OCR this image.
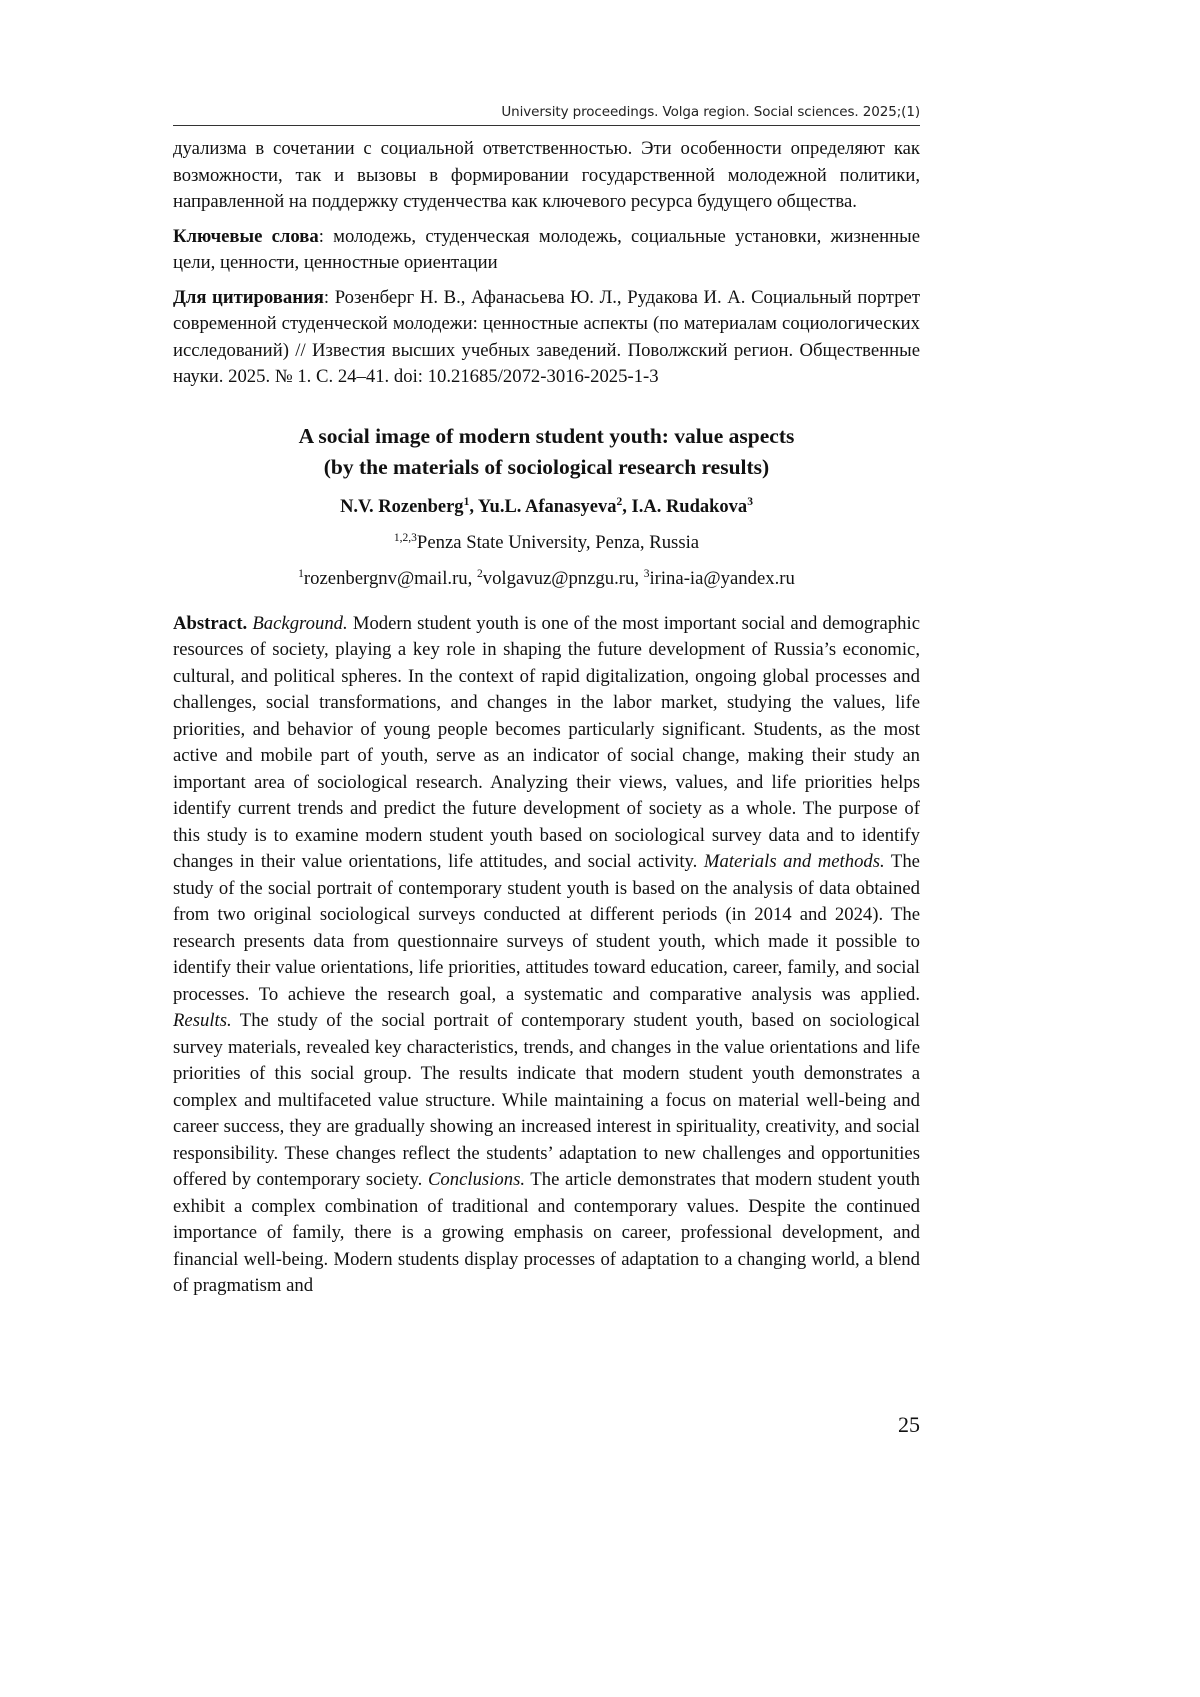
University proceedings. Volga region. Social sciences. 2025;(1)

дуализма в сочетании с социальной ответственностью. Эти особенности определяют как возможности, так и вызовы в формировании государственной молодежной политики, направленной на поддержку студенчества как ключевого ресурса будущего общества.

Ключевые слова: молодежь, студенческая молодежь, социальные установки, жизненные цели, ценности, ценностные ориентации

Для цитирования: Розенберг Н. В., Афанасьева Ю. Л., Рудакова И. А. Социальный портрет современной студенческой молодежи: ценностные аспекты (по материалам социологических исследований) // Известия высших учебных заведений. Поволжский регион. Общественные науки. 2025. № 1. С. 24–41. doi: 10.21685/2072-3016-2025-1-3

A social image of modern student youth: value aspects
(by the materials of sociological research results)
N.V. Rozenberg$^1$, Yu.L. Afanasyeva$^2$, I.A. Rudakova$^3$
$^{1,2,3}$Penza State University, Penza, Russia
$^1$rozenbergnv@mail.ru, $^2$volgavuz@pnzgu.ru, $^3$irina-ia@yandex.ru

Abstract. Background. Modern student youth is one of the most important social and demographic resources of society, playing a key role in shaping the future development of Russia’s economic, cultural, and political spheres. In the context of rapid digitalization, ongoing global processes and challenges, social transformations, and changes in the labor market, studying the values, life priorities, and behavior of young people becomes particularly significant. Students, as the most active and mobile part of youth, serve as an indicator of social change, making their study an important area of sociological research. Analyzing their views, values, and life priorities helps identify current trends and predict the future development of society as a whole. The purpose of this study is to examine modern student youth based on sociological survey data and to identify changes in their value orientations, life attitudes, and social activity. Materials and methods. The study of the social portrait of contemporary student youth is based on the analysis of data obtained from two original sociological surveys conducted at different periods (in 2014 and 2024). The research presents data from questionnaire surveys of student youth, which made it possible to identify their value orientations, life priorities, attitudes toward education, career, family, and social processes. To achieve the research goal, a systematic and comparative analysis was applied. Results. The study of the social portrait of contemporary student youth, based on sociological survey materials, revealed key characteristics, trends, and changes in the value orientations and life priorities of this social group. The results indicate that modern student youth demonstrates a complex and multifaceted value structure. While maintaining a focus on material well-being and career success, they are gradually showing an increased interest in spirituality, creativity, and social responsibility. These changes reflect the students’ adaptation to new challenges and opportunities offered by contemporary society. Conclusions. The article demonstrates that modern student youth exhibit a complex combination of traditional and contemporary values. Despite the continued importance of family, there is a growing emphasis on career, professional development, and financial well-being. Modern students display processes of adaptation to a changing world, a blend of pragmatism and

25
